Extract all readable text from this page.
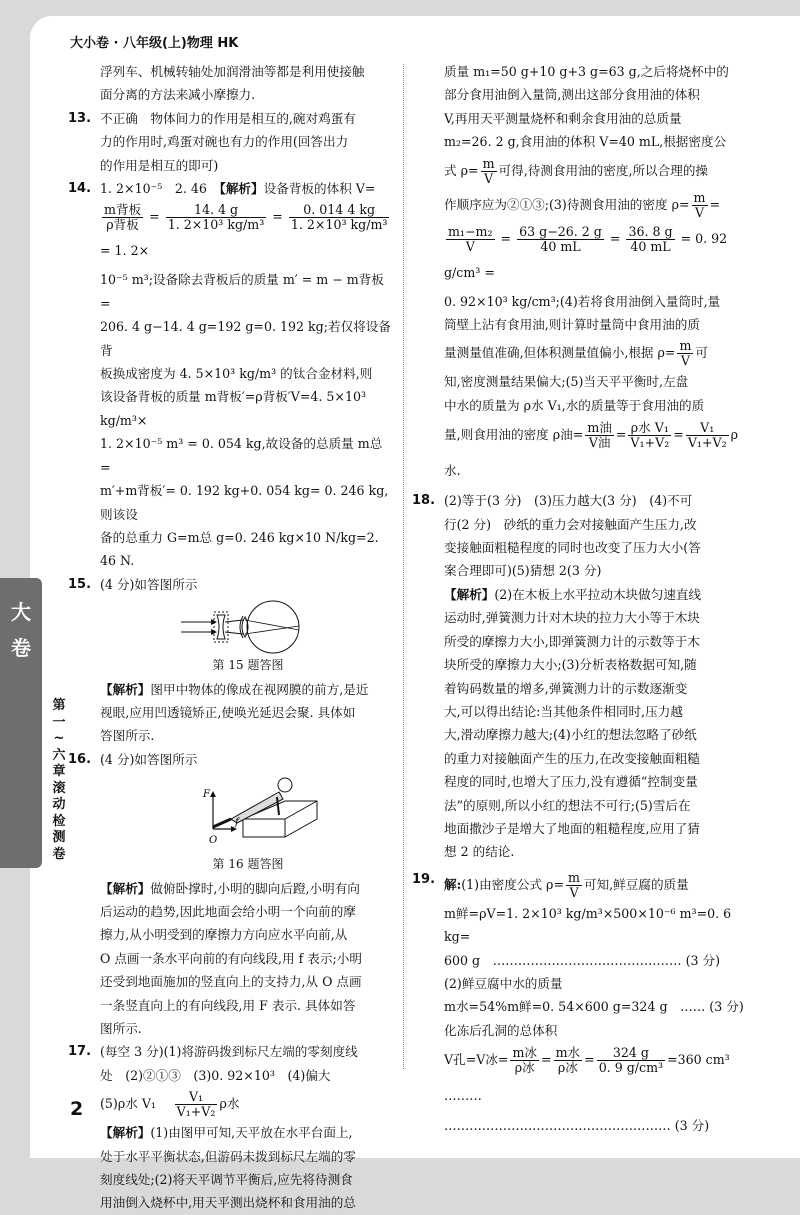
大小卷 · 八年级(上)物理 HK
大卷
第一~六章滚动检测卷
浮列车、机械转轴处加润滑油等都是利用使接触
面分离的方法来减小摩擦力.
13. 不正确　物体间力的作用是相互的,碗对鸡蛋有
力的作用时,鸡蛋对碗也有力的作用(回答出力
的作用是相互的即可)
14. 1. 2×10⁻⁵　2. 46　【解析】设备背板的体积 V=
$\frac{\text{m背板}}{\text{ρ背板}} = \frac{14. 4 g}{\text{1. 2×10³ kg/m³}} = \frac{0. 014 4 kg}{\text{1. 2×10³ kg/m³}}$
= 1. 2×
10⁻⁵ m³;设备除去背板后的质量 m′ = m − m背板 =
206. 4 g−14. 4 g=192 g=0. 192 kg;若仅将设备背
板换成密度为 4. 5×10³ kg/m³ 的钛合金材料,则
该设备背板的质量 m背板′=ρ背板′V=4. 5×10³ kg/m³×
1. 2×10⁻⁵ m³ = 0. 054 kg,故设备的总质量 m总 =
m′+m背板′= 0. 192 kg+0. 054 kg= 0. 246 kg,则该设
备的总重力 G=m总 g=0. 246 kg×10 N/kg=2. 46 N.
15. (4 分)如答图所示
第 15 题答图
【解析】图甲中物体的像成在视网膜的前方,是近
视眼,应用凹透镜矫正,使唤光延迟会聚. 具体如
答图所示.
16. (4 分)如答图所示
F
f
O
第 16 题答图
【解析】做俯卧撑时,小明的脚向后蹬,小明有向
后运动的趋势,因此地面会给小明一个向前的摩
擦力,从小明受到的摩擦力方向应水平向前,从
O 点画一条水平向前的有向线段,用 f 表示;小明
还受到地面施加的竖直向上的支持力,从 O 点画
一条竖直向上的有向线段,用 F 表示. 具体如答
图所示.
17. (每空 3 分)(1)将游码拨到标尺左端的零刻度线
处　(2)②①③　(3)0. 92×10³　(4)偏大
(5)ρ水 V₁　 $\frac{\text{V₁}}{\text{V₁+V₂}}$ ρ水
【解析】(1)由图甲可知,天平放在水平台面上,
处于水平平衡状态,但游码未拨到标尺左端的零
刻度线处;(2)将天平调节平衡后,应先将待测食
用油倒入烧杯中,用天平测出烧杯和食用油的总
质量 m₁=50 g+10 g+3 g=63 g,之后将烧杯中的
部分食用油倒入量筒,测出这部分食用油的体积
V,再用天平测量烧杯和剩余食用油的总质量
m₂=26. 2 g,食用油的体积 V=40 mL,根据密度公
式 $\rho= \frac{m}{V}$ 可得,待测食用油的密度,所以合理的操
作顺序应为②①③;(3)待测食用油的密度 $\rho= \frac{m}{V}$ =
$\frac{\text{m₁−m₂}}{V} = \frac{63 g-26. 2 g}{40 mL} = \frac{36. 8 g}{40 mL} = 0$. 92 g/cm³ =
0. 92×10³ kg/cm³;(4)若将食用油倒入量筒时,量
筒壁上沾有食用油,则计算时量筒中食用油的质
量测量值准确,但体积测量值偏小,根据 $\rho= \frac{m}{V}$ 可
知,密度测量结果偏大;(5)当天平平衡时,左盘
中水的质量为 ρ水 V₁,水的质量等于食用油的质
量,则食用油的密度 ρ油= $\frac{\text{m油}}{\text{V油}} = \frac{\text{ρ水 V₁}}{\text{V₁+V₂}} = \frac{\text{V₁}}{\text{V₁+V₂}}$ ρ水.
18. (2)等于(3 分)　(3)压力越大(3 分)　(4)不可
行(2 分)　砂纸的重力会对接触面产生压力,改
变接触面粗糙程度的同时也改变了压力大小(答
案合理即可)(5)猜想 2(3 分)
【解析】(2)在木板上水平拉动木块做匀速直线
运动时,弹簧测力计对木块的拉力大小等于木块
所受的摩擦力大小,即弹簧测力计的示数等于木
块所受的摩擦力大小;(3)分析表格数据可知,随
着钩码数量的增多,弹簧测力计的示数逐渐变
大,可以得出结论:当其他条件相同时,压力越
大,滑动摩擦力越大;(4)小红的想法忽略了砂纸
的重力对接触面产生的压力,在改变接触面粗糙
程度的同时,也增大了压力,没有遵循“控制变量
法”的原则,所以小红的想法不可行;(5)雪后在
地面撒沙子是增大了地面的粗糙程度,应用了猜
想 2 的结论.
19. 解:(1)由密度公式 $\rho= \frac{m}{V}$ 可知,鲜豆腐的质量
m鲜=ρV=1. 2×10³ kg/m³×500×10⁻⁶ m³=0. 6 kg=
600 g　……………………………………… (3 分)
(2)鲜豆腐中水的质量
m水=54%m鲜=0. 54×600 g=324 g　…… (3 分)
化冻后孔洞的总体积
V孔=V冰= $\frac{\text{m冰}}{\text{ρ冰}} = \frac{\text{m水}}{\text{ρ冰}} = \frac{324 g}{\text{0. 9 g/cm³}} =360$ cm³ ………
……………………………………………… (3 分)
2
